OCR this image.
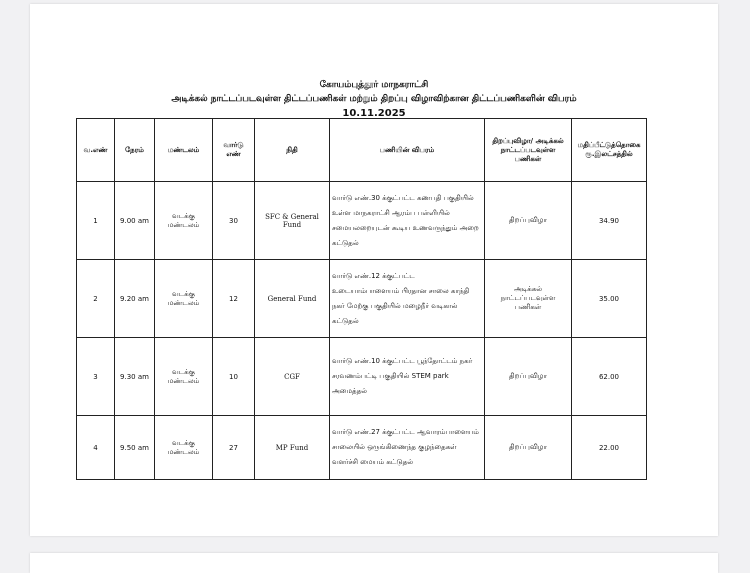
கோயம்புத்தூர் மாநகராட்சி
அடிக்கல் நாட்டப்படவுள்ள திட்டப்பணிகள் மற்றும் திறப்பு விழாவிற்கான திட்டப்பணிகளின் விபரம்
10.11.2025
வ.எண்	நேரம்	மண்டலம்	வார்டு எண்	நிதி	பணியின் விபரம்	திறப்புவிழா/ அடிக்கல் நாட்டப்படவுள்ள பணிகள்	மதிப்பீட்டுத்தொகை ரூ.இலட்சத்தில்
1	9.00 am	வடக்கு மண்டலம்	30	SFC & General Fund	வார்டு எண்.30 க்குட்பட்ட கணபதி பகுதியில் உள்ள மாநகராட்சி ஆரம்ப பள்ளியில் சமையலறையுடன் கூடிய உணவருந்தும் அறை கட்டுதல்	திறப்புவிழா	34.90
2	9.20 am	வடக்கு மண்டலம்	12	General Fund	வார்டு எண்.12 க்குட்பட்ட உடையாம்பாளையம் பிரதான சாலை காந்தி நகர் மேற்கு பகுதியில் மழைநீர் வடிகால் கட்டுதல்	அடிக்கல் நாட்டப்படவுள்ள பணிகள்	35.00
3	9.30 am	வடக்கு மண்டலம்	10	CGF	வார்டு எண்.10 க்குட்பட்ட பூந்தோட்டம் நகர் சரவணம்பட்டி பகுதியில் STEM park அமைத்தல்	திறப்புவிழா	62.00
4	9.50 am	வடக்கு மண்டலம்	27	MP Fund	வார்டு எண்.27 க்குட்பட்ட ஆவாரம்பாளையம் சாலையில் ஒருங்கிணைந்த குழந்தைகள் வளர்ச்சி மையம் கட்டுதல்	திறப்புவிழா	22.00
